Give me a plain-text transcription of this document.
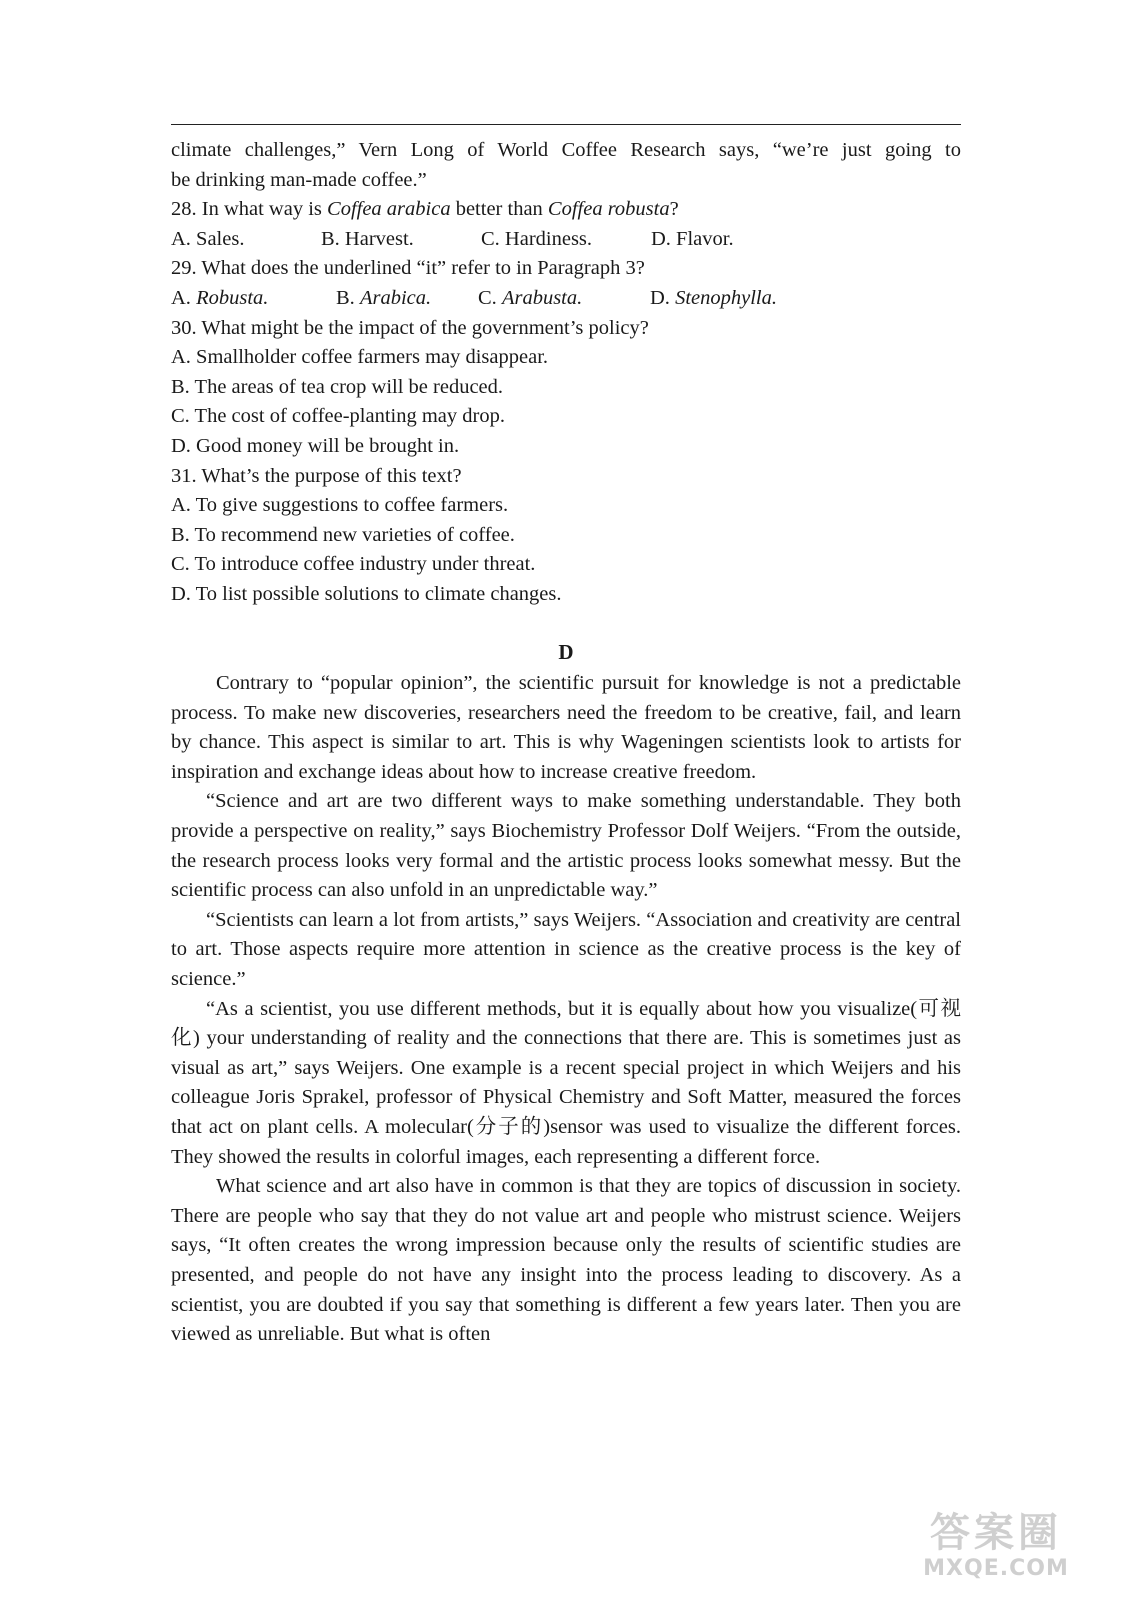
climate challenges,” Vern Long of World Coffee Research says, “we’re just going to
be drinking man-made coffee.”
28. In what way is Coffea arabica better than Coffea robusta?
A. Sales.	B. Harvest.	C. Hardiness.	D. Flavor.
29. What does the underlined “it” refer to in Paragraph 3?
A. Robusta.	B. Arabica.	C. Arabusta.	D. Stenophylla.
30. What might be the impact of the government’s policy?
A. Smallholder coffee farmers may disappear.
B. The areas of tea crop will be reduced.
C. The cost of coffee-planting may drop.
D. Good money will be brought in.
31. What’s the purpose of this text?
A. To give suggestions to coffee farmers.
B. To recommend new varieties of coffee.
C. To introduce coffee industry under threat.
D. To list possible solutions to climate changes.
D

Contrary to “popular opinion”, the scientific pursuit for knowledge is not a predictable process. To make new discoveries, researchers need the freedom to be creative, fail, and learn by chance. This aspect is similar to art. This is why Wageningen scientists look to artists for inspiration and exchange ideas about how to increase creative freedom.

“Science and art are two different ways to make something understandable. They both provide a perspective on reality,” says Biochemistry Professor Dolf Weijers. “From the outside, the research process looks very formal and the artistic process looks somewhat messy. But the scientific process can also unfold in an unpredictable way.”

“Scientists can learn a lot from artists,” says Weijers. “Association and creativity are central to art. Those aspects require more attention in science as the creative process is the key of science.”

“As a scientist, you use different methods, but it is equally about how you visualize(可视化) your understanding of reality and the connections that there are. This is sometimes just as visual as art,” says Weijers. One example is a recent special project in which Weijers and his colleague Joris Sprakel, professor of Physical Chemistry and Soft Matter, measured the forces that act on plant cells. A molecular(分子的)sensor was used to visualize the different forces. They showed the results in colorful images, each representing a different force.

What science and art also have in common is that they are topics of discussion in society. There are people who say that they do not value art and people who mistrust science. Weijers says, “It often creates the wrong impression because only the results of scientific studies are presented, and people do not have any insight into the process leading to discovery. As a scientist, you are doubted if you say that something is different a few years later. Then you are viewed as unreliable. But what is often

答案圈
MXQE.COM
